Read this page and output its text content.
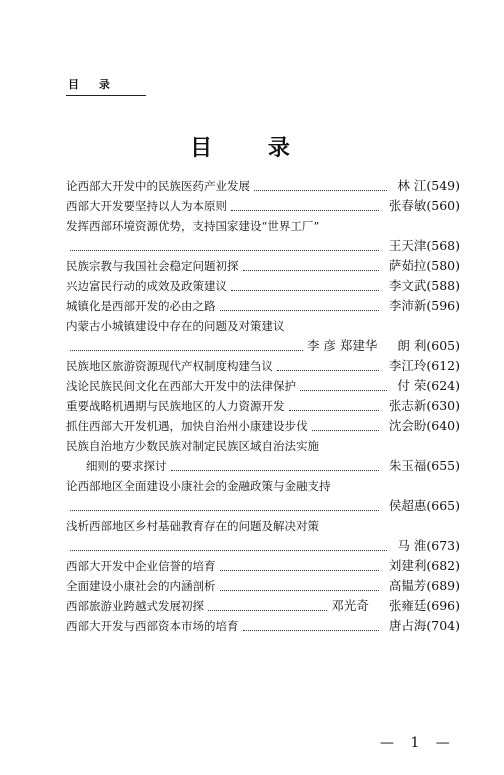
目 录
目 录
论西部大开发中的民族医药产业发展	林 江 (549)
西部大开发要坚持以人为本原则	张春敏 (560)
发挥西部环境资源优势，支持国家建设“世界工厂”
王天津 (568)
民族宗教与我国社会稳定问题初探	萨茹拉 (580)
兴边富民行动的成效及政策建议	李文武 (588)
城镇化是西部开发的必由之路	李沛新 (596)
内蒙古小城镇建设中存在的问题及对策建议
李 彦 郑建华 朗 利 (605)
民族地区旅游资源现代产权制度构建刍议	李江玲 (612)
浅论民族民间文化在西部大开发中的法律保护	付 荣 (624)
重要战略机遇期与民族地区的人力资源开发	张志新 (630)
抓住西部大开发机遇，加快自治州小康建设步伐	沈会盼 (640)
民族自治地方少数民族对制定民族区域自治法实施
细则的要求探讨	朱玉福 (655)
论西部地区全面建设小康社会的金融政策与金融支持
侯超惠 (665)
浅析西部地区乡村基础教育存在的问题及解决对策
马 淮 (673)
西部大开发中企业信誉的培育	刘建利 (682)
全面建设小康社会的内涵剖析	高韫芳 (689)
西部旅游业跨越式发展初探	邓光奇 张雍廷 (696)
西部大开发与西部资本市场的培育	唐占海 (704)
— 1 —
